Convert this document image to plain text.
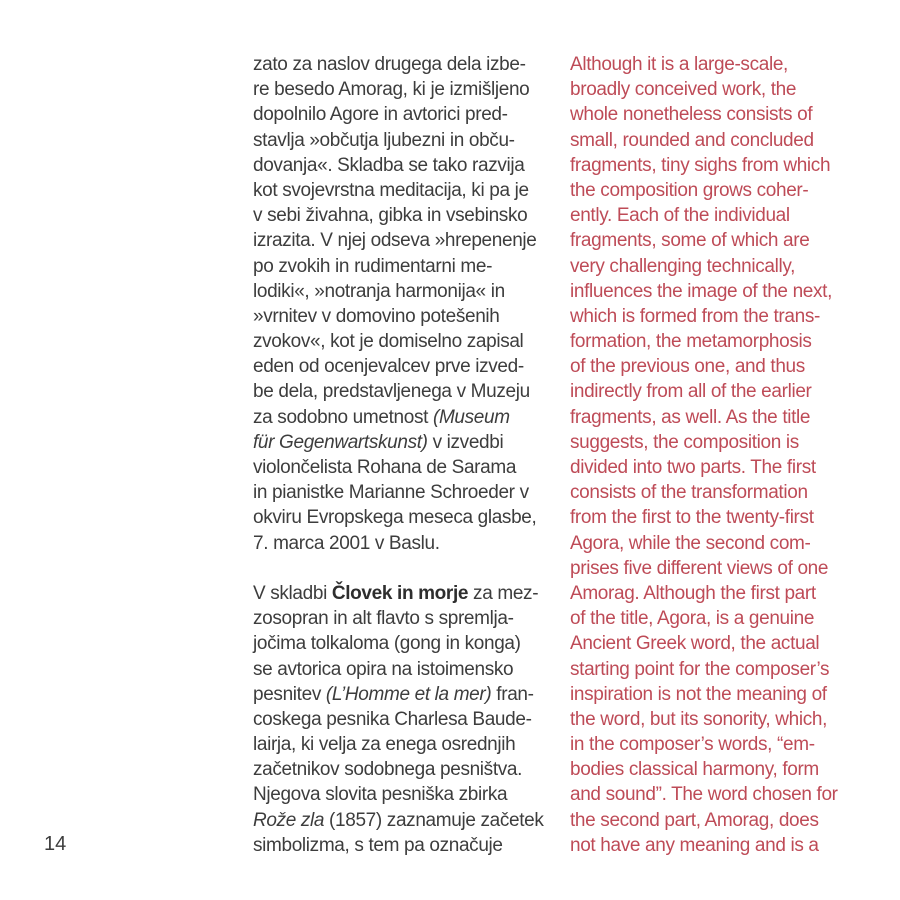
zato za naslov drugega dela izbe-
re besedo Amorag, ki je izmišljeno
dopolnilo Agore in avtorici pred-
stavlja »občutja ljubezni in obču-
dovanja«. Skladba se tako razvija
kot svojevrstna meditacija, ki pa je
v sebi živahna, gibka in vsebinsko
izrazita. V njej odseva »hrepenenje
po zvokih in rudimentarni me-
lodiki«, »notranja harmonija« in
»vrnitev v domovino potešenih
zvokov«, kot je domiselno zapisal
eden od ocenjevalcev prve izved-
be dela, predstavljenega v Muzeju
za sodobno umetnost (Museum
für Gegenwartskunst) v izvedbi
violončelista Rohana de Sarama
in pianistke Marianne Schroeder v
okviru Evropskega meseca glasbe,
7. marca 2001 v Baslu.
V skladbi Človek in morje za mez-
zosopran in alt flavto s spremlja-
jočima tolkaloma (gong in konga)
se avtorica opira na istoimensko
pesnitev (L’Homme et la mer) fran-
coskega pesnika Charlesa Baude-
lairja, ki velja za enega osrednjih
začetnikov sodobnega pesništva.
Njegova slovita pesniška zbirka
Rože zla (1857) zaznamuje začetek
simbolizma, s tem pa označuje
Although it is a large-scale,
broadly conceived work, the
whole nonetheless consists of
small, rounded and concluded
fragments, tiny sighs from which
the composition grows coher-
ently. Each of the individual
fragments, some of which are
very challenging technically,
influences the image of the next,
which is formed from the trans-
formation, the metamorphosis
of the previous one, and thus
indirectly from all of the earlier
fragments, as well. As the title
suggests, the composition is
divided into two parts. The first
consists of the transformation
from the first to the twenty-first
Agora, while the second com-
prises five different views of one
Amorag. Although the first part
of the title, Agora, is a genuine
Ancient Greek word, the actual
starting point for the composer’s
inspiration is not the meaning of
the word, but its sonority, which,
in the composer’s words, “em-
bodies classical harmony, form
and sound”. The word chosen for
the second part, Amorag, does
not have any meaning and is a
14
